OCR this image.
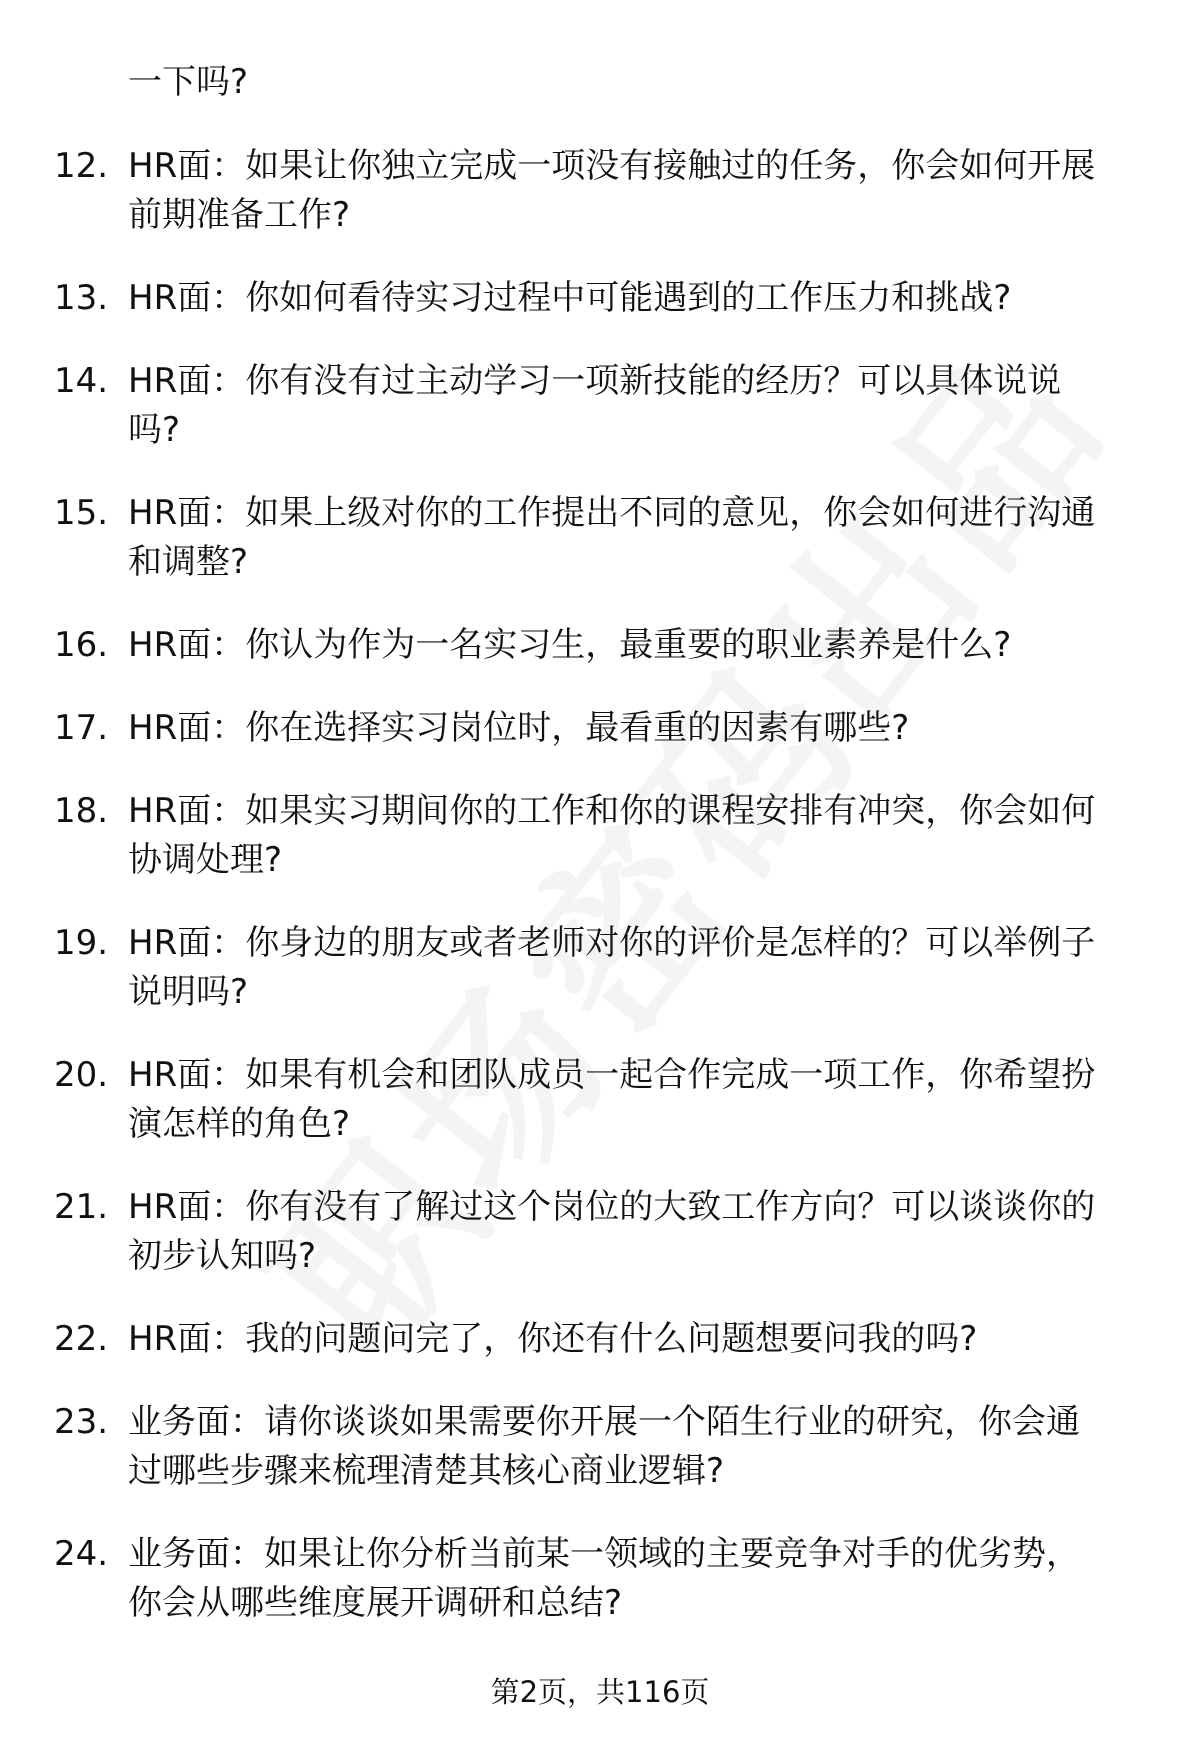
一下吗?
12. HR面：如果让你独立完成一项没有接触过的任务，你会如何开展
前期准备工作?
13. HR面：你如何看待实习过程中可能遇到的工作压力和挑战?
14. HR面：你有没有过主动学习一项新技能的经历？可以具体说说
吗?
15. HR面：如果上级对你的工作提出不同的意见，你会如何进行沟通
和调整?
16. HR面：你认为作为一名实习生，最重要的职业素养是什么?
17. HR面：你在选择实习岗位时，最看重的因素有哪些?
18. HR面：如果实习期间你的工作和你的课程安排有冲突，你会如何
协调处理?
19. HR面：你身边的朋友或者老师对你的评价是怎样的？可以举例子
说明吗?
20. HR面：如果有机会和团队成员一起合作完成一项工作，你希望扮
演怎样的角色?
21. HR面：你有没有了解过这个岗位的大致工作方向？可以谈谈你的
初步认知吗?
22. HR面：我的问题问完了，你还有什么问题想要问我的吗?
23. 业务面：请你谈谈如果需要你开展一个陌生行业的研究，你会通
过哪些步骤来梳理清楚其核心商业逻辑?
24. 业务面：如果让你分析当前某一领域的主要竞争对手的优劣势，
你会从哪些维度展开调研和总结?
第2页，共116页
